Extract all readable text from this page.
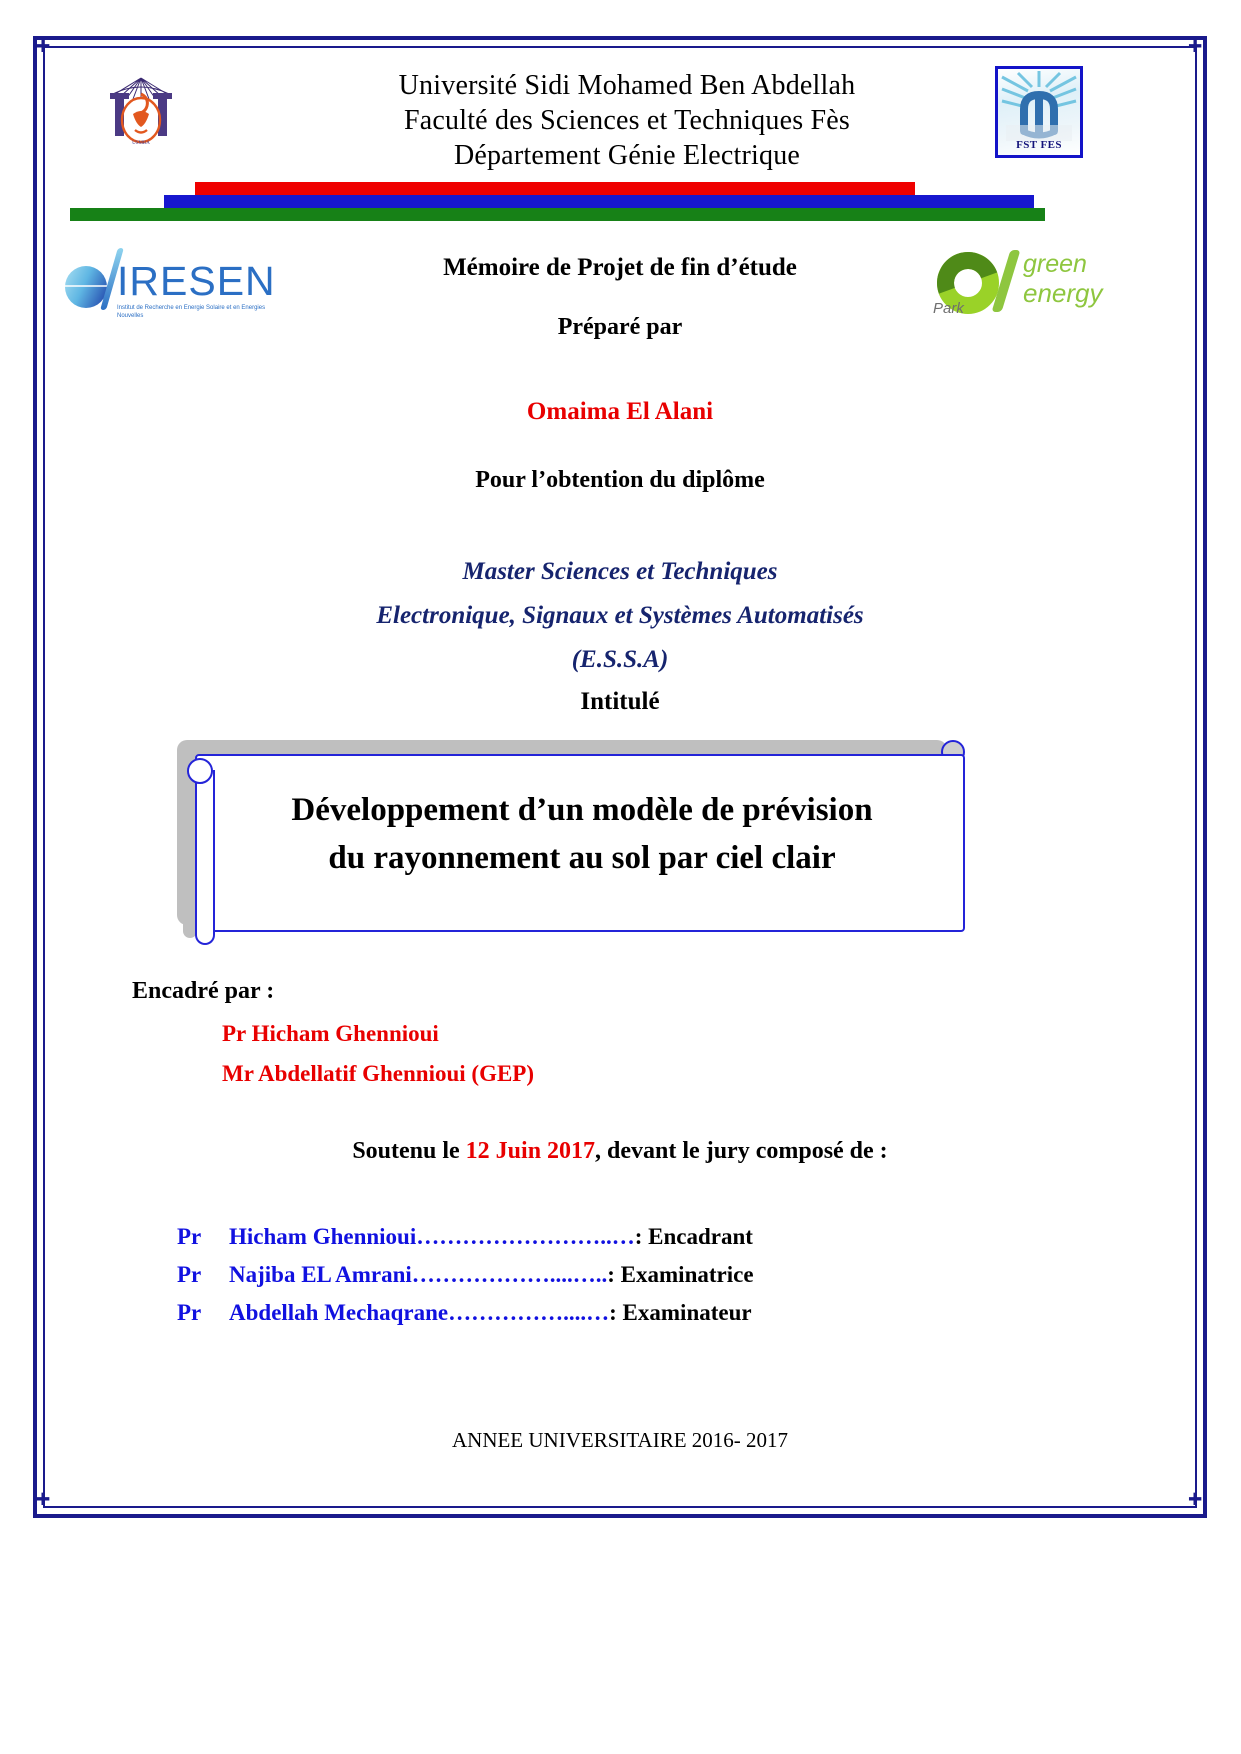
✚	✚
✚	✚
USMBA
Université Sidi Mohamed Ben Abdellah
Faculté des Sciences et Techniques Fès
Département Génie Electrique	FST FES
IRESEN
Institut de Recherche en Energie Solaire et en Energies Nouvelles	Park
green
energy
Mémoire de Projet de fin d’étude
Préparé par
Omaima El Alani
Pour l’obtention du diplôme
Master Sciences et Techniques
Electronique, Signaux et Systèmes Automatisés
(E.S.S.A)
Intitulé
Développement d’un modèle de prévision
du rayonnement au sol par ciel clair
Encadré par :
Pr Hicham Ghennioui
Mr Abdellatif Ghennioui (GEP)
Soutenu le 12 Juin 2017, devant le jury composé de :
Pr	Hicham Ghennioui ……………………..… : Encadrant
Pr	Najiba EL Amrani ………………....….. : Examinatrice
Pr	Abdellah Mechaqrane ……………....… : Examinateur
ANNEE UNIVERSITAIRE 2016- 2017
